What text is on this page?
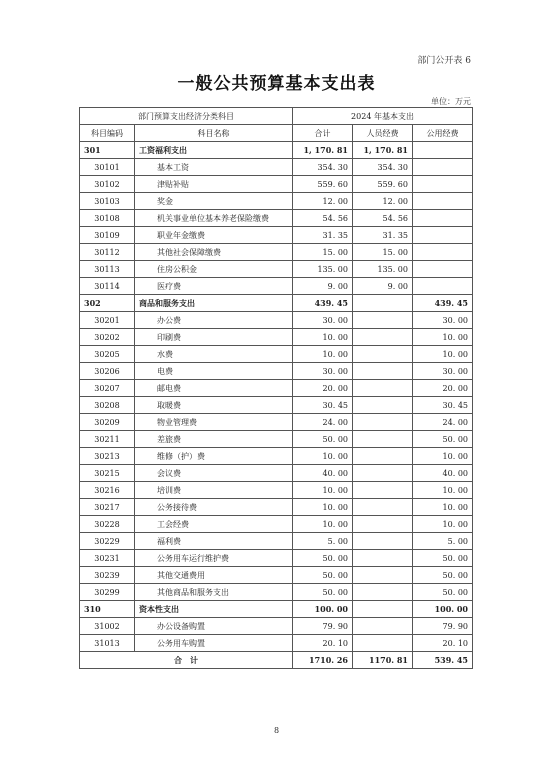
部门公开表 6
一般公共预算基本支出表
单位：万元
部门预算支出经济分类科目		2024 年基本支出		
科目编码	科目名称	合计	人员经费	公用经费
301	工资福利支出	1, 170. 81	1, 170. 81	
30101	基本工资	354. 30	354. 30	
30102	津贴补贴	559. 60	559. 60	
30103	奖金	12. 00	12. 00	
30108	机关事业单位基本养老保险缴费	54. 56	54. 56	
30109	职业年金缴费	31. 35	31. 35	
30112	其他社会保障缴费	15. 00	15. 00	
30113	住房公积金	135. 00	135. 00	
30114	医疗费	9. 00	9. 00	
302	商品和服务支出	439. 45		439. 45
30201	办公费	30. 00		30. 00
30202	印刷费	10. 00		10. 00
30205	水费	10. 00		10. 00
30206	电费	30. 00		30. 00
30207	邮电费	20. 00		20. 00
30208	取暖费	30. 45		30. 45
30209	物业管理费	24. 00		24. 00
30211	差旅费	50. 00		50. 00
30213	维修（护）费	10. 00		10. 00
30215	会议费	40. 00		40. 00
30216	培训费	10. 00		10. 00
30217	公务接待费	10. 00		10. 00
30228	工会经费	10. 00		10. 00
30229	福利费	5. 00		5. 00
30231	公务用车运行维护费	50. 00		50. 00
30239	其他交通费用	50. 00		50. 00
30299	其他商品和服务支出	50. 00		50. 00
310	资本性支出	100. 00		100. 00
31002	办公设备购置	79. 90		79. 90
31013	公务用车购置	20. 10		20. 10
合　计		1710. 26	1170. 81	539. 45
8
